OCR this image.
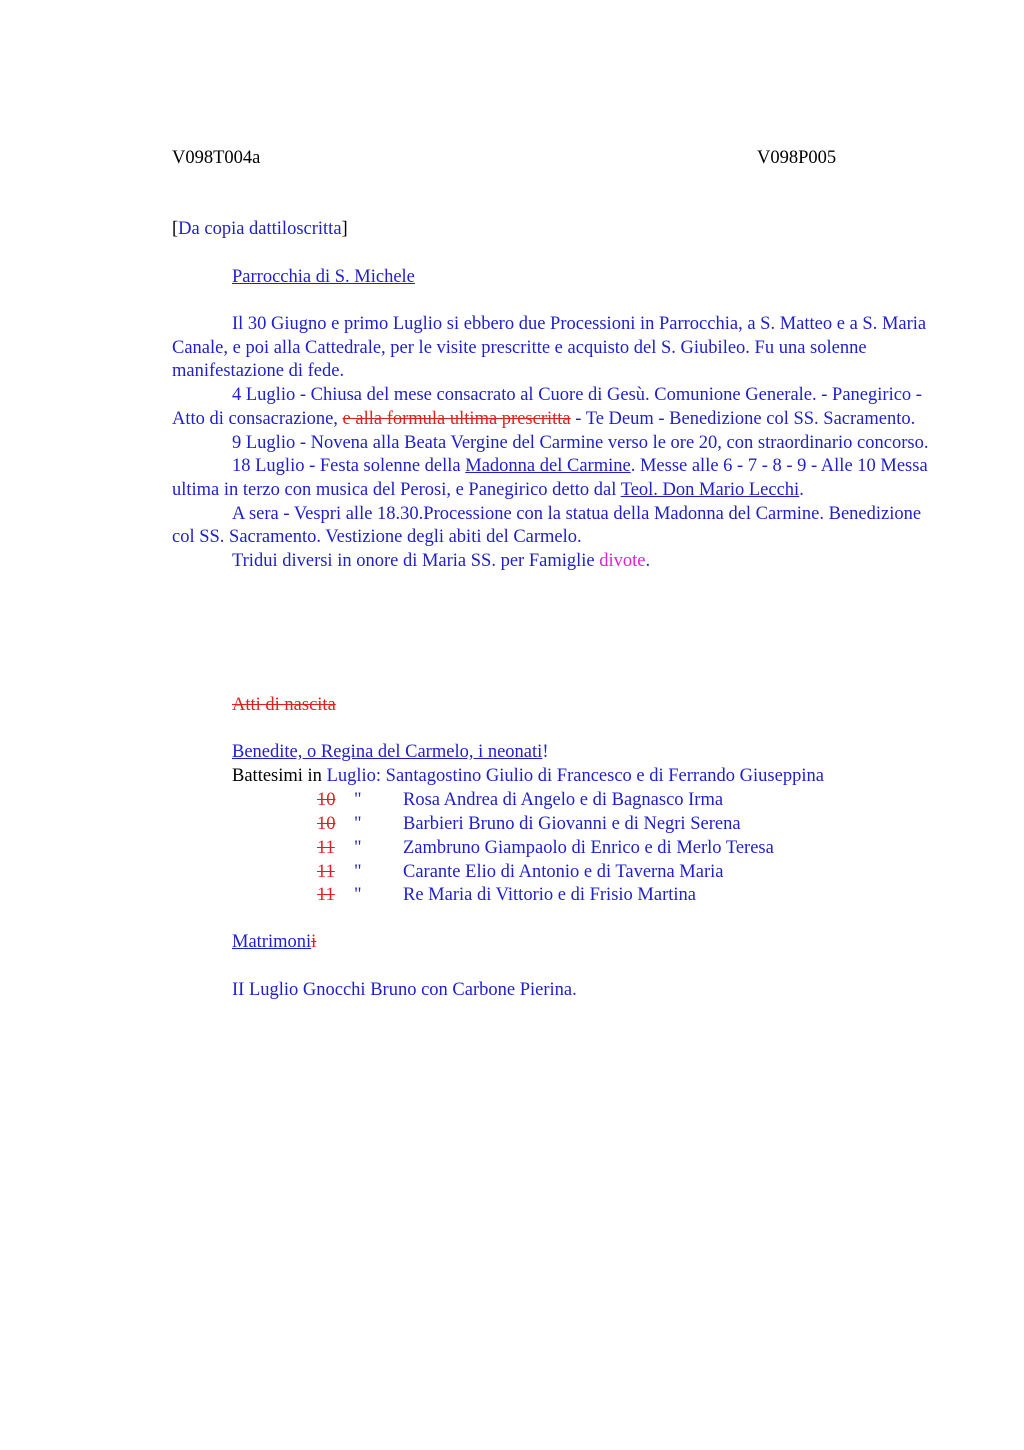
V098T004a	V098P005
[Da copia dattiloscritta]
Parrocchia di S. Michele

Il 30 Giugno e primo Luglio si ebbero due Processioni in Parrocchia, a S. Matteo e a S. Maria Canale, e poi alla Cattedrale, per le visite prescritte e acquisto del S. Giubileo. Fu una solenne manifestazione di fede.

4 Luglio - Chiusa del mese consacrato al Cuore di Gesù. Comunione Generale. - Panegirico - Atto di consacrazione, e alla formula ultima prescritta - Te Deum - Benedizione col SS. Sacramento.

9 Luglio - Novena alla Beata Vergine del Carmine verso le ore 20, con straordinario concorso.

18 Luglio - Festa solenne della Madonna del Carmine. Messe alle 6 - 7 - 8 - 9 - Alle 10 Messa ultima in terzo con musica del Perosi, e Panegirico detto dal Teol. Don Mario Lecchi.

A sera - Vespri alle 18.30.Processione con la statua della Madonna del Carmine. Benedizione col SS. Sacramento. Vestizione degli abiti del Carmelo.

Tridui diversi in onore di Maria SS. per Famiglie divote.

Atti di nascita
Benedite, o Regina del Carmelo, i neonati!
Battesimi in Luglio: Santagostino Giulio di Francesco e di Ferrando Giuseppina
10 " Rosa Andrea di Angelo e di Bagnasco Irma
10 " Barbieri Bruno di Giovanni e di Negri Serena
11 " Zambruno Giampaolo di Enrico e di Merlo Teresa
11 " Carante Elio di Antonio e di Taverna Maria
11 " Re Maria di Vittorio e di Frisio Martina
Matrimonii
II Luglio Gnocchi Bruno con Carbone Pierina.
